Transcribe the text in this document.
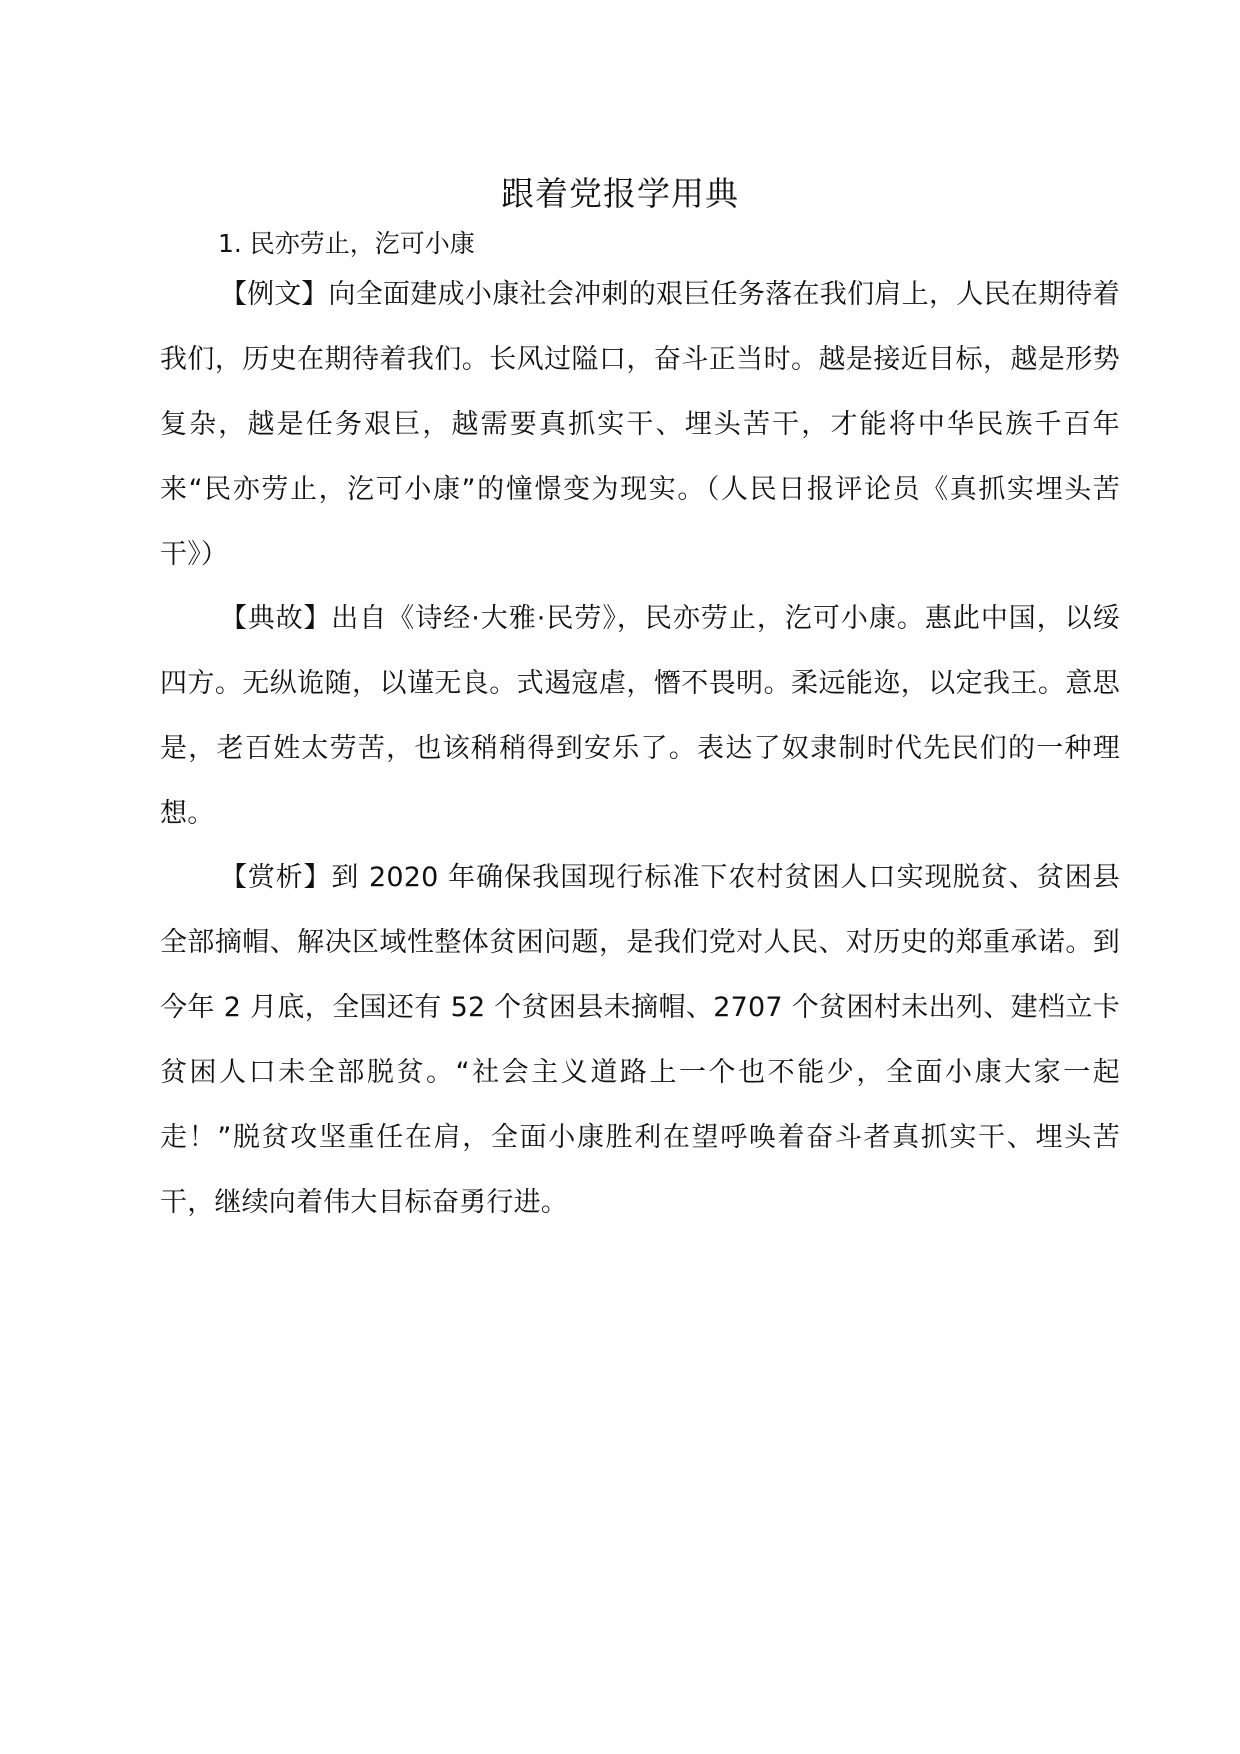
跟着党报学用典
1. 民亦劳止，汔可小康
【例文】向全面建成小康社会冲刺的艰巨任务落在我们肩上，人民在期待着我们，历史在期待着我们。长风过隘口，奋斗正当时。越是接近目标，越是形势复杂，越是任务艰巨，越需要真抓实干、埋头苦干，才能将中华民族千百年来“民亦劳止，汔可小康”的憧憬变为现实。（人民日报评论员《真抓实埋头苦干》）
【典故】出自《诗经·大雅·民劳》，民亦劳止，汔可小康。惠此中国，以绥四方。无纵诡随，以谨无良。式遏寇虐，憯不畏明。柔远能迩，以定我王。意思是，老百姓太劳苦，也该稍稍得到安乐了。表达了奴隶制时代先民们的一种理想。
【赏析】到 2020 年确保我国现行标准下农村贫困人口实现脱贫、贫困县全部摘帽、解决区域性整体贫困问题，是我们党对人民、对历史的郑重承诺。到今年 2 月底，全国还有 52 个贫困县未摘帽、2707 个贫困村未出列、建档立卡贫困人口未全部脱贫。“社会主义道路上一个也不能少，全面小康大家一起走！”脱贫攻坚重任在肩，全面小康胜利在望呼唤着奋斗者真抓实干、埋头苦干，继续向着伟大目标奋勇行进。
